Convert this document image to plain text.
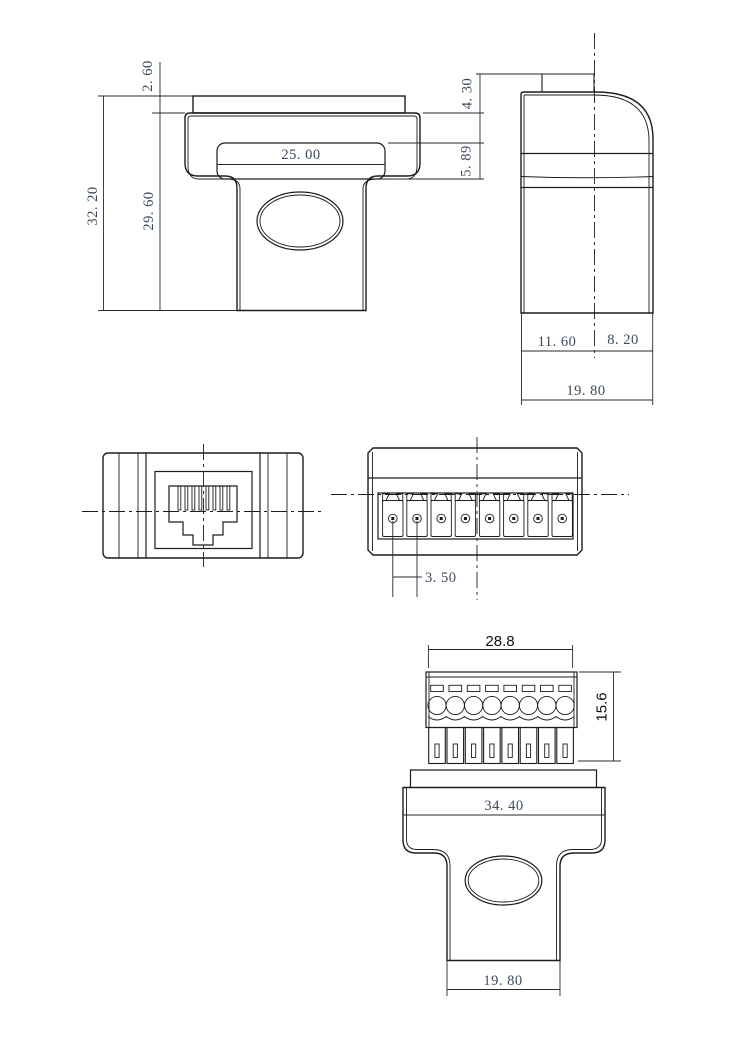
32. 20	29. 60
2. 60
25. 00
4. 30
5. 89
11. 60 8. 20
19. 80
3. 50
28.8
15.6
34. 40
19. 80
